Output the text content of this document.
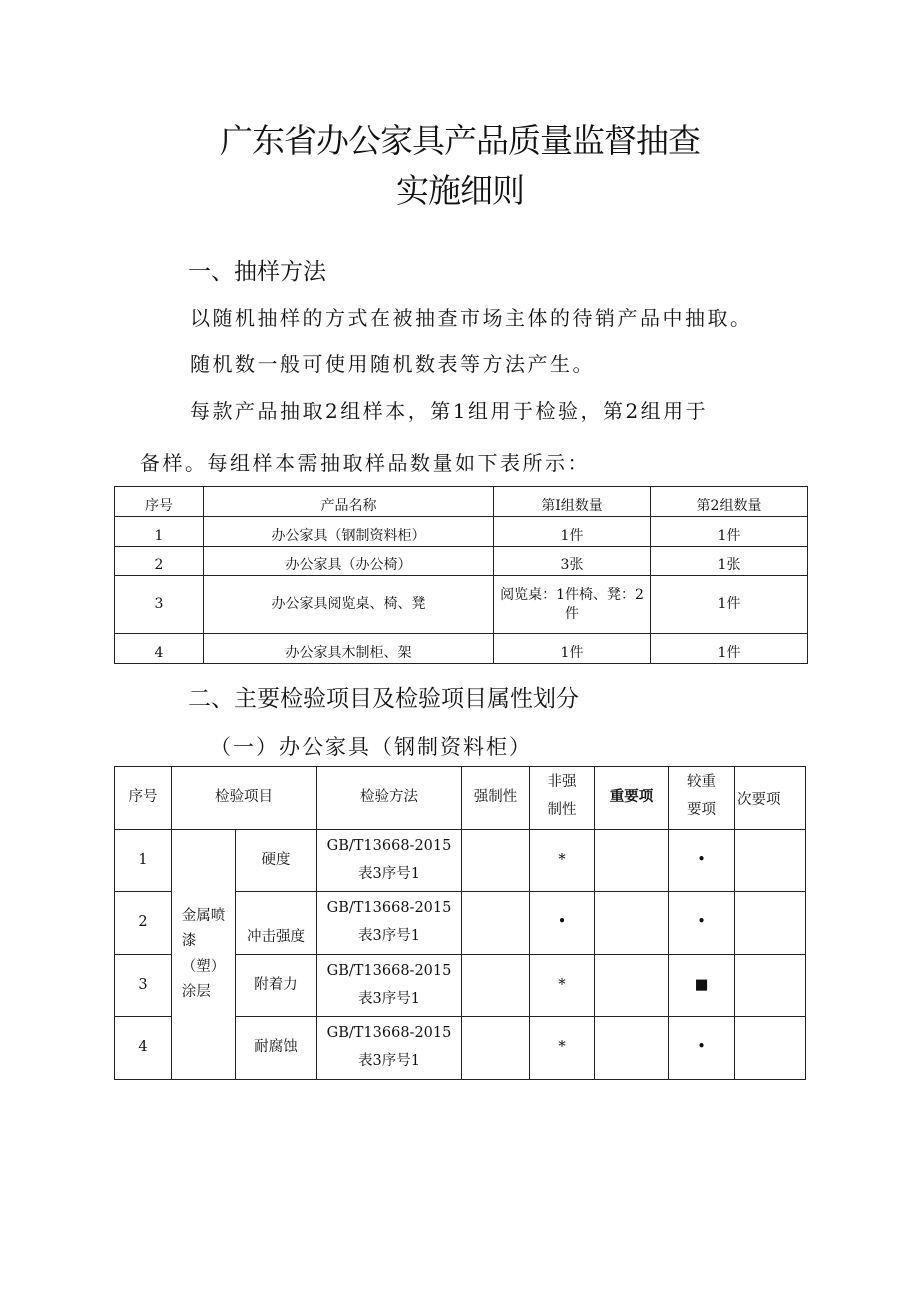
广东省办公家具产品质量监督抽查
实施细则
一、抽样方法
以随机抽样的方式在被抽查市场主体的待销产品中抽取。
随机数一般可使用随机数表等方法产生。
每款产品抽取2组样本，第1组用于检验，第2组用于
备样。每组样本需抽取样品数量如下表所示：
序号	产品名称	第I组数量	第2组数量
1	办公家具（钢制资料柜）	1件	1件
2	办公家具（办公椅）	3张	1张
3	办公家具阅览桌、椅、凳	阅览桌：1件椅、凳：2件	1件
4	办公家具木制柜、架	1件	1件
二、主要检验项目及检验项目属性划分
（一）办公家具（钢制资料柜）
序号	检验项目		检验方法	强制性	非强制性	重要项	较重要项	次要项
1	金属喷漆（塑）涂层	硬度	GB/T13668-2015
表3序号1		*		•	
2		冲击强度	GB/T13668-2015
表3序号1		•		•	
3		附着力	GB/T13668-2015
表3序号1		*		■	
4		耐腐蚀	GB/T13668-2015
表3序号1		*		•	
